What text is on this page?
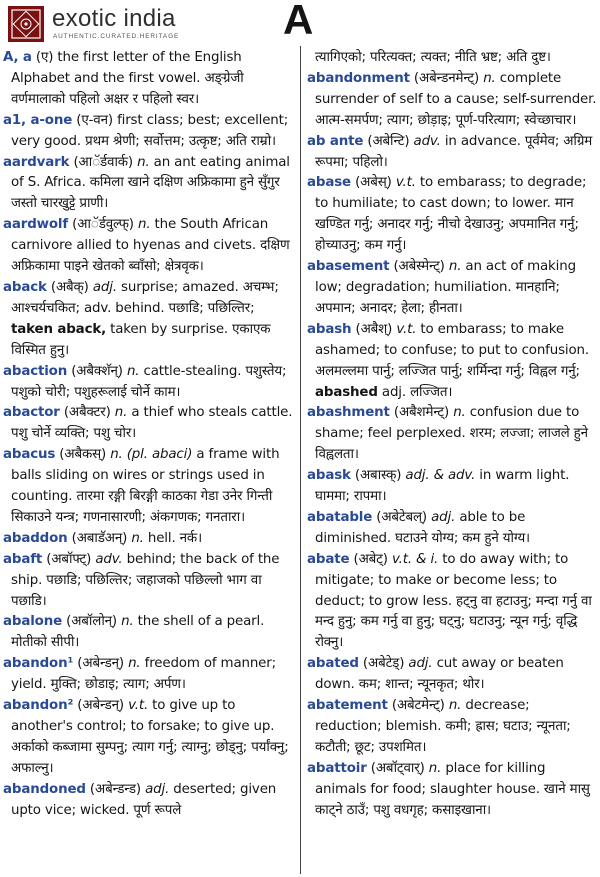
exotic india
AUTHENTIC.CURATED.HERITAGE A
A, a (ए) the first letter of the English Alphabet and the first vowel. अङ्ग्रेजी वर्णमालाको पहिलो अक्षर र पहिलो स्वर।
a1, a-one (ए-वन) first class; best; excellent; very good. प्रथम श्रेणी; सर्वोत्तम; उत्कृष्ट; अति राम्रो।
aardvark (आॅर्डवार्क) n. an ant eating animal of S. Africa. कमिला खाने दक्षिण अफ्रिकामा हुने सुँगुर जस्तो चारखुट्टे प्राणी।
aardwolf (आॅर्डवुल्फ्) n. the South African carnivore allied to hyenas and civets. दक्षिण अफ्रिकामा पाइने खेतको ब्वाँसो; क्षेत्रवृक।
aback (अबैक्) adj. surprise; amazed. अचम्भ; आश्चर्यचकित; adv. behind. पछाडि; पछिल्तिर; taken aback, taken by surprise. एकाएक विस्मित हुनु।
abaction (अबैक्शॅन्) n. cattle-stealing. पशुस्तेय; पशुको चोरी; पशुहरूलाई चोर्ने काम।
abactor (अबैक्टर) n. a thief who steals cattle. पशु चोर्ने व्यक्ति; पशु चोर।
abacus (अबैकस्) n. (pl. abaci) a frame with balls sliding on wires or strings used in counting. तारमा रङ्गी बिरङ्गी काठका गेडा उनेर गिन्ती सिकाउने यन्त्र; गणनासारणी; अंकगणक; गनतारा।
abaddon (अबाडॅअन्) n. hell. नर्क।
abaft (अबॉफ्ट्) adv. behind; the back of the ship. पछाडि; पछिल्तिर; जहाजको पछिल्लो भाग वा पछाडि।
abalone (अबॉलोन्) n. the shell of a pearl. मोतीको सीपी।
abandon¹ (अबेन्डन्) n. freedom of manner; yield. मुक्ति; छोडाइ; त्याग; अर्पण।
abandon² (अबेन्डन्) v.t. to give up to another's control; to forsake; to give up. अर्काको कब्जामा सुम्पनु; त्याग गर्नु; त्याग्नु; छोड्नु; पर्यांक्नु; अफाल्नु।
abandoned (अबेन्डन्ड) adj. deserted; given upto vice; wicked. पूर्ण रूपले
त्यागिएको; परित्यक्त; त्यक्त; नीति भ्रष्ट; अति दुष्ट।
abandonment (अबेन्डनमेन्ट्) n. complete surrender of self to a cause; self-surrender. आत्म-समर्पण; त्याग; छोड़ाइ; पूर्ण-परित्याग; स्वेच्छाचार।
ab ante (अबेन्टि) adv. in advance. पूर्वमेव; अग्रिम रूपमा; पहिलो।
abase (अबेस्) v.t. to embarass; to degrade; to humiliate; to cast down; to lower. मान खण्डित गर्नु; अनादर गर्नु; नीचो देखाउनु; अपमानित गर्नु; होच्याउनु; कम गर्नु।
abasement (अबेस्मेन्ट्) n. an act of making low; degradation; humiliation. मानहानि; अपमान; अनादर; हेला; हीनता।
abash (अबैश्) v.t. to embarass; to make ashamed; to confuse; to put to confusion. अलमल्लमा पार्नु; लज्जित पार्नु; शर्मिन्दा गर्नु; विह्वल गर्नु; abashed adj. लज्जित।
abashment (अबैशमेन्ट्) n. confusion due to shame; feel perplexed. शरम; लज्जा; लाजले हुने विह्वलता।
abask (अबास्क्) adj. & adv. in warm light. घाममा; रापमा।
abatable (अबेटेबल्) adj. able to be diminished. घटाउने योग्य; कम हुने योग्य।
abate (अबेट्) v.t. & i. to do away with; to mitigate; to make or become less; to deduct; to grow less. हट्नु वा हटाउनु; मन्दा गर्नु वा मन्द हुनु; कम गर्नु वा हुनु; घट्नु; घटाउनु; न्यून गर्नु; वृद्धि रोक्नु।
abated (अबेटेड्) adj. cut away or beaten down. कम; शान्त; न्यूनकृत; थोर।
abatement (अबेटमेन्ट्) n. decrease; reduction; blemish. कमी; ह्रास; घटाउ; न्यूनता; कटौती; छूट; उपशमित।
abattoir (अबॉट्वार्) n. place for killing animals for food; slaughter house. खाने मासु काट्ने ठाउँ; पशु वधगृह; कसाइखाना।
